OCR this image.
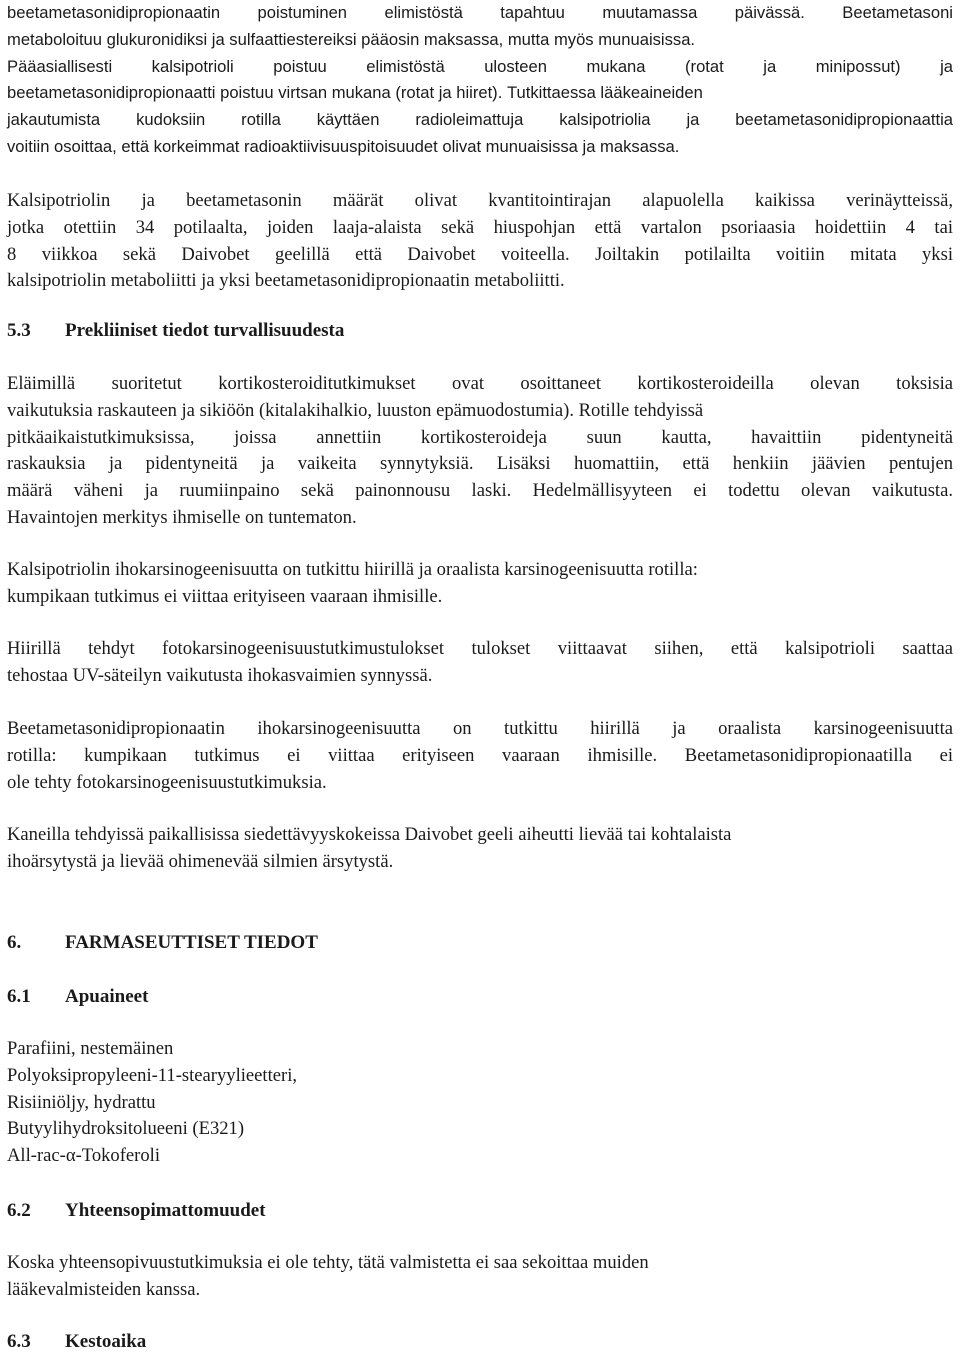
beetametasonidipropionaatin poistuminen elimistöstä tapahtuu muutamassa päivässä. Beetametasoni
metaboloituu glukuronidiksi ja sulfaattiestereiksi pääosin maksassa, mutta myös munuaisissa.
Pääasiallisesti kalsipotrioli poistuu elimistöstä ulosteen mukana (rotat ja minipossut) ja
beetametasonidipropionaatti poistuu virtsan mukana (rotat ja hiiret). Tutkittaessa lääkeaineiden
jakautumista kudoksiin rotilla käyttäen radioleimattuja kalsipotriolia ja beetametasonidipropionaattia
voitiin osoittaa, että korkeimmat radioaktiivisuuspitoisuudet olivat munuaisissa ja maksassa.

Kalsipotriolin ja beetametasonin määrät olivat kvantitointirajan alapuolella kaikissa verinäytteissä,
jotka otettiin 34 potilaalta, joiden laaja-alaista sekä hiuspohjan että vartalon psoriaasia hoidettiin 4 tai
8 viikkoa sekä Daivobet geelillä että Daivobet voiteella. Joiltakin potilailta voitiin mitata yksi
kalsipotriolin metaboliitti ja yksi beetametasonidipropionaatin metaboliitti.

5.3 Prekliiniset tiedot turvallisuudesta

Eläimillä suoritetut kortikosteroiditutkimukset ovat osoittaneet kortikosteroideilla olevan toksisia
vaikutuksia raskauteen ja sikiöön (kitalakihalkio, luuston epämuodostumia). Rotille tehdyissä
pitkäaikaistutkimuksissa, joissa annettiin kortikosteroideja suun kautta, havaittiin pidentyneitä
raskauksia ja pidentyneitä ja vaikeita synnytyksiä. Lisäksi huomattiin, että henkiin jäävien pentujen
määrä väheni ja ruumiinpaino sekä painonnousu laski. Hedelmällisyyteen ei todettu olevan vaikutusta.
Havaintojen merkitys ihmiselle on tuntematon.

Kalsipotriolin ihokarsinogeenisuutta on tutkittu hiirillä ja oraalista karsinogeenisuutta rotilla:
kumpikaan tutkimus ei viittaa erityiseen vaaraan ihmisille.

Hiirillä tehdyt fotokarsinogeenisuustutkimustulokset tulokset viittaavat siihen, että kalsipotrioli saattaa
tehostaa UV-säteilyn vaikutusta ihokasvaimien synnyssä.

Beetametasonidipropionaatin ihokarsinogeenisuutta on tutkittu hiirillä ja oraalista karsinogeenisuutta
rotilla: kumpikaan tutkimus ei viittaa erityiseen vaaraan ihmisille. Beetametasonidipropionaatilla ei
ole tehty fotokarsinogeenisuustutkimuksia.

Kaneilla tehdyissä paikallisissa siedettävyyskokeissa Daivobet geeli aiheutti lievää tai kohtalaista
ihoärsytystä ja lievää ohimenevää silmien ärsytystä.

6. FARMASEUTTISET TIEDOT
6.1 Apuaineet

Parafiini, nestemäinen
Polyoksipropyleeni-11-stearyylieetteri,
Risiiniöljy, hydrattu
Butyylihydroksitolueeni (E321)
All-rac-α-Tokoferoli

6.2 Yhteensopimattomuudet

Koska yhteensopivuustutkimuksia ei ole tehty, tätä valmistetta ei saa sekoittaa muiden
lääkevalmisteiden kanssa.

6.3 Kestoaika
